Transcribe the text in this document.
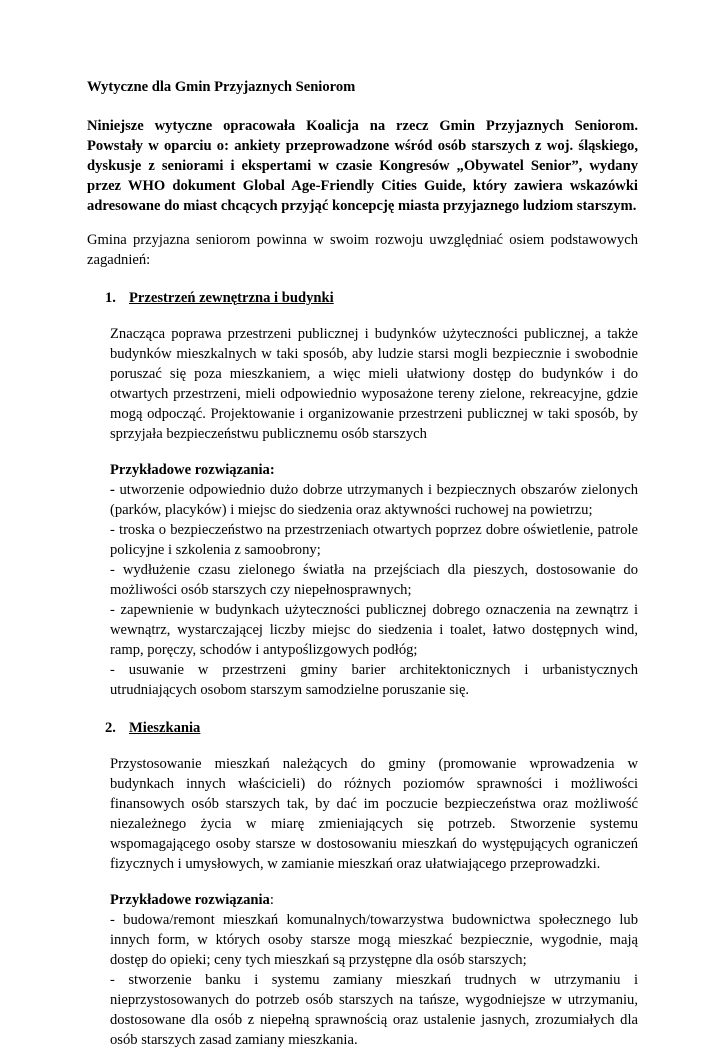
Wytyczne dla Gmin Przyjaznych Seniorom

Niniejsze wytyczne opracowała Koalicja na rzecz Gmin Przyjaznych Seniorom. Powstały w oparciu o: ankiety przeprowadzone wśród osób starszych z woj. śląskiego, dyskusje z seniorami i ekspertami w czasie Kongresów „Obywatel Senior”, wydany przez WHO dokument Global Age-Friendly Cities Guide, który zawiera wskazówki adresowane do miast chcących przyjąć koncepcję miasta przyjaznego ludziom starszym.

Gmina przyjazna seniorom powinna w swoim rozwoju uwzględniać osiem podstawowych zagadnień:

1. Przestrzeń zewnętrzna i budynki

Znacząca poprawa przestrzeni publicznej i budynków użyteczności publicznej, a także budynków mieszkalnych w taki sposób, aby ludzie starsi mogli bezpiecznie i swobodnie poruszać się poza mieszkaniem, a więc mieli ułatwiony dostęp do budynków i do otwartych przestrzeni, mieli odpowiednio wyposażone tereny zielone, rekreacyjne, gdzie mogą odpocząć. Projektowanie i organizowanie przestrzeni publicznej w taki sposób, by sprzyjała bezpieczeństwu publicznemu osób starszych

Przykładowe rozwiązania:

- utworzenie odpowiednio dużo dobrze utrzymanych i bezpiecznych obszarów zielonych (parków, placyków) i miejsc do siedzenia oraz aktywności ruchowej na powietrzu;

- troska o bezpieczeństwo na przestrzeniach otwartych poprzez dobre oświetlenie, patrole policyjne i szkolenia z samoobrony;

- wydłużenie czasu zielonego światła na przejściach dla pieszych, dostosowanie do możliwości osób starszych czy niepełnosprawnych;

- zapewnienie w budynkach użyteczności publicznej dobrego oznaczenia na zewnątrz i wewnątrz, wystarczającej liczby miejsc do siedzenia i toalet, łatwo dostępnych wind, ramp, poręczy, schodów i antypoślizgowych podłóg;

- usuwanie w przestrzeni gminy barier architektonicznych i urbanistycznych utrudniających osobom starszym samodzielne poruszanie się.

2. Mieszkania

Przystosowanie mieszkań należących do gminy (promowanie wprowadzenia w budynkach innych właścicieli) do różnych poziomów sprawności i możliwości finansowych osób starszych tak, by dać im poczucie bezpieczeństwa oraz możliwość niezależnego życia w miarę zmieniających się potrzeb. Stworzenie systemu wspomagającego osoby starsze w dostosowaniu mieszkań do występujących ograniczeń fizycznych i umysłowych, w zamianie mieszkań oraz ułatwiającego przeprowadzki.

Przykładowe rozwiązania:

- budowa/remont mieszkań komunalnych/towarzystwa budownictwa społecznego lub innych form, w których osoby starsze mogą mieszkać bezpiecznie, wygodnie, mają dostęp do opieki; ceny tych mieszkań są przystępne dla osób starszych;

- stworzenie banku i systemu zamiany mieszkań trudnych w utrzymaniu i nieprzystosowanych do potrzeb osób starszych na tańsze, wygodniejsze w utrzymaniu, dostosowane dla osób z niepełną sprawnością oraz ustalenie jasnych, zrozumiałych dla osób starszych zasad zamiany mieszkania.
